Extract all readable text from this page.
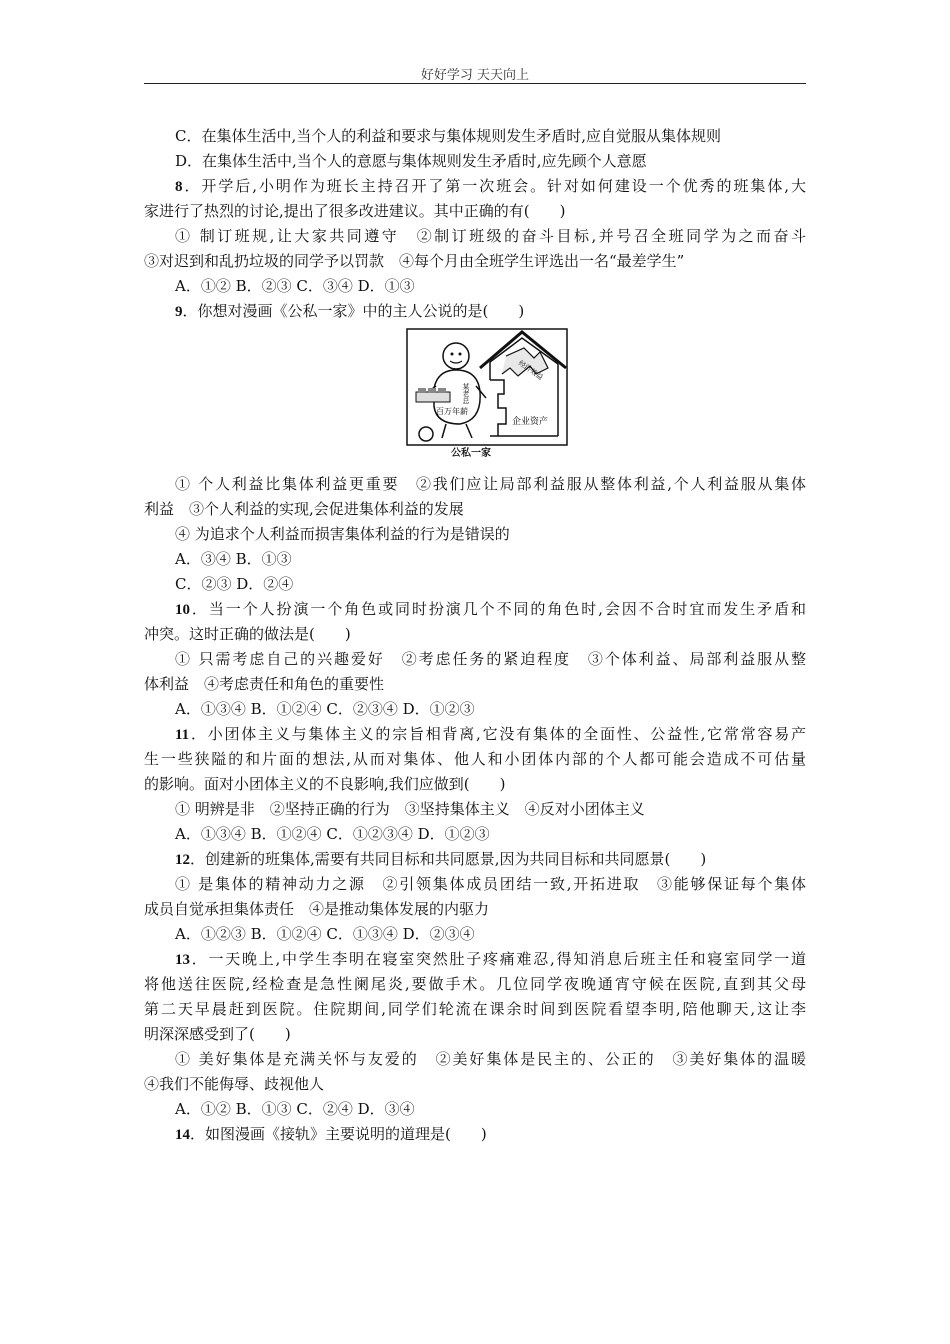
好好学习 天天向上
C．在集体生活中,当个人的利益和要求与集体规则发生矛盾时,应自觉服从集体规则
D．在集体生活中,当个人的意愿与集体规则发生矛盾时,应先顾个人意愿
8．开学后,小明作为班长主持召开了第一次班会。针对如何建设一个优秀的班集体,大
家进行了热烈的讨论,提出了很多改进建议。其中正确的有(　　)
① 制订班规,让大家共同遵守　②制订班级的奋斗目标,并号召全班同学为之而奋斗
③对迟到和乱扔垃圾的同学予以罚款　④每个月由全班学生评选出一名“最差学生”
A．①② B．②③ C．③④ D．①③
9．你想对漫画《公私一家》中的主人公说的是(　　)
经济效益
企业资产
某老总
百万年薪
公私一家
① 个人利益比集体利益更重要　②我们应让局部利益服从整体利益,个人利益服从集体
利益　③个人利益的实现,会促进集体利益的发展
④ 为追求个人利益而损害集体利益的行为是错误的
A．③④ B．①③
C．②③ D．②④
10．当一个人扮演一个角色或同时扮演几个不同的角色时,会因不合时宜而发生矛盾和
冲突。这时正确的做法是(　　)
① 只需考虑自己的兴趣爱好　②考虑任务的紧迫程度　③个体利益、局部利益服从整
体利益　④考虑责任和角色的重要性
A．①③④ B．①②④ C．②③④ D．①②③
11．小团体主义与集体主义的宗旨相背离,它没有集体的全面性、公益性,它常常容易产
生一些狭隘的和片面的想法,从而对集体、他人和小团体内部的个人都可能会造成不可估量
的影响。面对小团体主义的不良影响,我们应做到(　　)
① 明辨是非　②坚持正确的行为　③坚持集体主义　④反对小团体主义
A．①③④ B．①②④ C．①②③④ D．①②③
12．创建新的班集体,需要有共同目标和共同愿景,因为共同目标和共同愿景(　　)
① 是集体的精神动力之源　②引领集体成员团结一致,开拓进取　③能够保证每个集体
成员自觉承担集体责任　④是推动集体发展的内驱力
A．①②③ B．①②④ C．①③④ D．②③④
13．一天晚上,中学生李明在寝室突然肚子疼痛难忍,得知消息后班主任和寝室同学一道
将他送往医院,经检查是急性阑尾炎,要做手术。几位同学夜晚通宵守候在医院,直到其父母
第二天早晨赶到医院。住院期间,同学们轮流在课余时间到医院看望李明,陪他聊天,这让李
明深深感受到了(　　)
① 美好集体是充满关怀与友爱的　②美好集体是民主的、公正的　③美好集体的温暖
④我们不能侮辱、歧视他人
A．①② B．①③ C．②④ D．③④
14．如图漫画《接轨》主要说明的道理是(　　)
